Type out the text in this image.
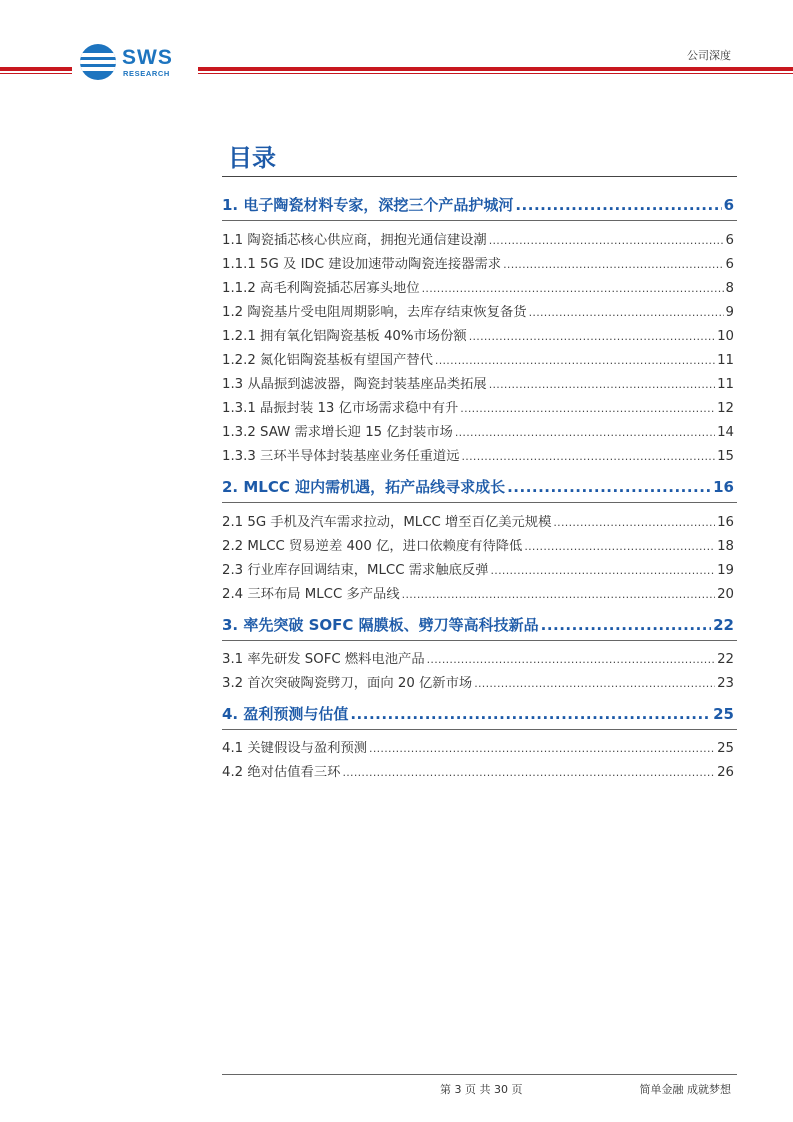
SWS
RESEARCH
公司深度
目录
1. 电子陶瓷材料专家，深挖三个产品护城河 .....	6
1.1 陶瓷插芯核心供应商，拥抱光通信建设潮 .....	6
1.1.1 5G 及 IDC 建设加速带动陶瓷连接器需求 .....	6
1.1.2 高毛利陶瓷插芯居寡头地位 .....	8
1.2 陶瓷基片受电阻周期影响，去库存结束恢复备货 .....	9
1.2.1 拥有氧化铝陶瓷基板 40%市场份额 .....	10
1.2.2 氮化铝陶瓷基板有望国产替代 .....	11
1.3 从晶振到滤波器，陶瓷封装基座品类拓展 .....	11
1.3.1 晶振封装 13 亿市场需求稳中有升 .....	12
1.3.2 SAW 需求增长迎 15 亿封装市场 .....	14
1.3.3 三环半导体封装基座业务任重道远 .....	15
2. MLCC 迎内需机遇，拓产品线寻求成长 .....	16
2.1 5G 手机及汽车需求拉动，MLCC 增至百亿美元规模 .....	16
2.2 MLCC 贸易逆差 400 亿，进口依赖度有待降低 .....	18
2.3 行业库存回调结束，MLCC 需求触底反弹 .....	19
2.4 三环布局 MLCC 多产品线 .....	20
3. 率先突破 SOFC 隔膜板、劈刀等高科技新品 .....	22
3.1 率先研发 SOFC 燃料电池产品 .....	22
3.2 首次突破陶瓷劈刀，面向 20 亿新市场 .....	23
4. 盈利预测与估值 .....	25
4.1 关键假设与盈利预测 .....	25
4.2 绝对估值看三环 .....	26
第 3 页 共 30 页	简单金融 成就梦想
